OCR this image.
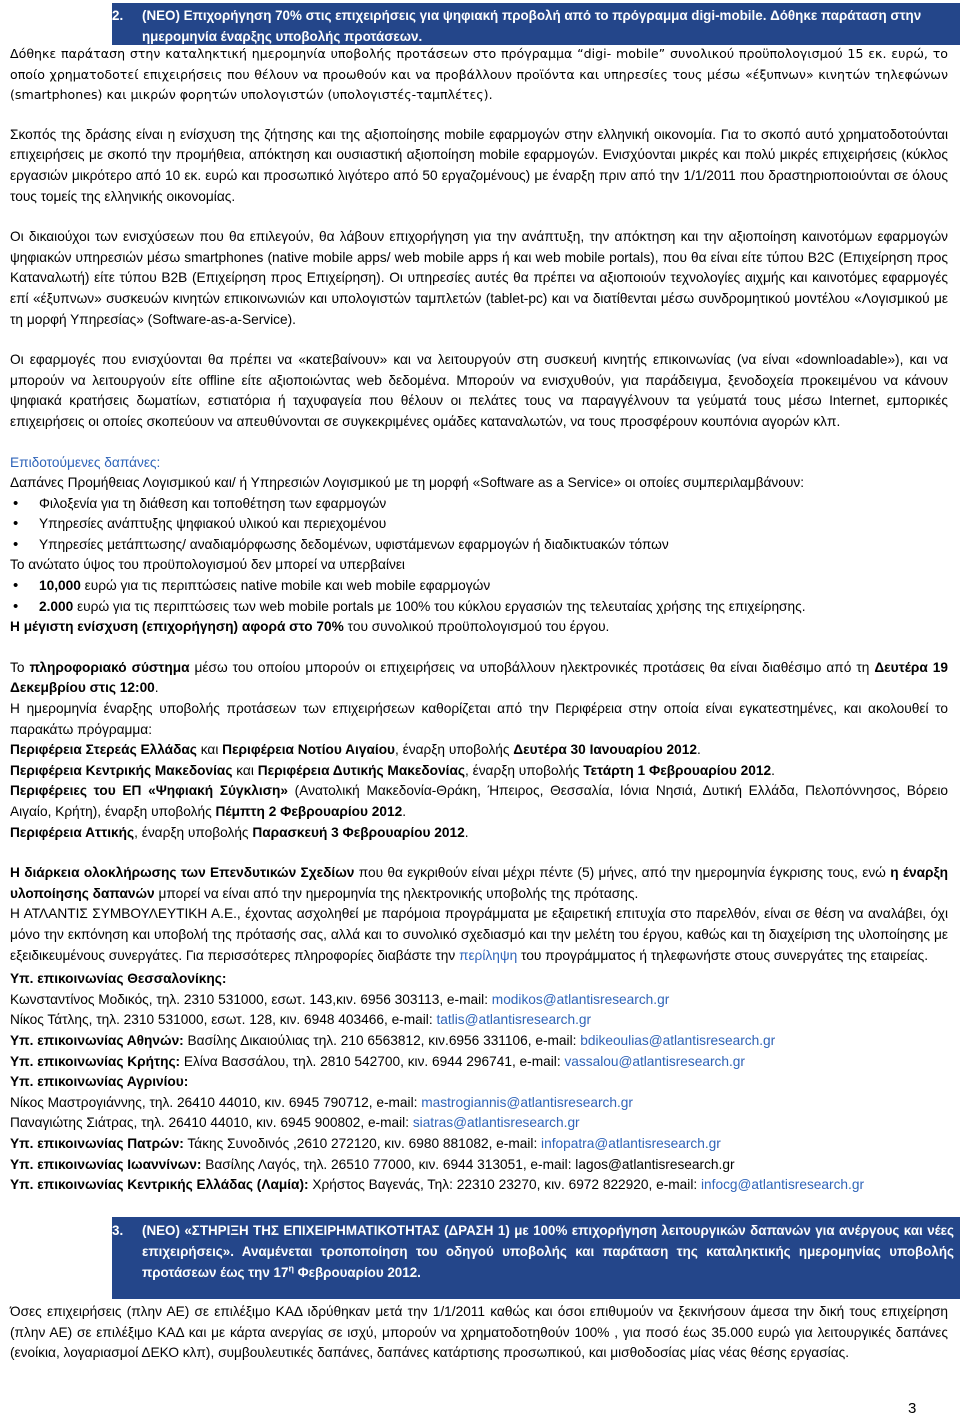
2. (ΝΕΟ) Επιχορήγηση 70% στις επιχειρήσεις για ψηφιακή προβολή από το πρόγραμμα digi-mobile. Δόθηκε παράταση στην ημερομηνία έναρξης υποβολής προτάσεων.

Δόθηκε παράταση στην καταληκτική ημερομηνία υποβολής προτάσεων στο πρόγραμμα “digi- mobile” συνολικού προϋπολογισμού 15 εκ. ευρώ, το οποίο χρηματοδοτεί επιχειρήσεις που θέλουν να προωθούν και να προβάλλουν προϊόντα και υπηρεσίες τους μέσω «έξυπνων» κινητών τηλεφώνων (smartphones) και μικρών φορητών υπολογιστών (υπολογιστές-ταμπλέτες).

Σκοπός της δράσης είναι η ενίσχυση της ζήτησης και της αξιοποίησης mobile εφαρμογών στην ελληνική οικονομία. Για το σκοπό αυτό χρηματοδοτούνται επιχειρήσεις με σκοπό την προμήθεια, απόκτηση και ουσιαστική αξιοποίηση mobile εφαρμογών. Ενισχύονται μικρές και πολύ μικρές επιχειρήσεις (κύκλος εργασιών μικρότερο από 10 εκ. ευρώ και προσωπικό λιγότερο από 50 εργαζομένους) με έναρξη πριν από την 1/1/2011 που δραστηριοποιούνται σε όλους τους τομείς της ελληνικής οικονομίας.

Οι δικαιούχοι των ενισχύσεων που θα επιλεγούν, θα λάβουν επιχορήγηση για την ανάπτυξη, την απόκτηση και την αξιοποίηση καινοτόμων εφαρμογών ψηφιακών υπηρεσιών μέσω smartphones (native mobile apps/ web mobile apps ή και web mobile portals), που θα είναι είτε τύπου B2C (Επιχείρηση προς Καταναλωτή) είτε τύπου B2B (Επιχείρηση προς Επιχείρηση). Οι υπηρεσίες αυτές θα πρέπει να αξιοποιούν τεχνολογίες αιχμής και καινοτόμες εφαρμογές επί «έξυπνων» συσκευών κινητών επικοινωνιών και υπολογιστών ταμπλετών (tablet-pc) και να διατίθενται μέσω συνδρομητικού μοντέλου «Λογισμικού με τη μορφή Υπηρεσίας» (Software-as-a-Service).

Οι εφαρμογές που ενισχύονται θα πρέπει να «κατεβαίνουν» και να λειτουργούν στη συσκευή κινητής επικοινωνίας (να είναι «downloadable»), και να μπορούν να λειτουργούν είτε offline είτε αξιοποιώντας web δεδομένα. Μπορούν να ενισχυθούν, για παράδειγμα, ξενοδοχεία προκειμένου να κάνουν ψηφιακά κρατήσεις δωματίων, εστιατόρια ή ταχυφαγεία που θέλουν οι πελάτες τους να παραγγέλνουν τα γεύματά τους μέσω Internet, εμπορικές επιχειρήσεις οι οποίες σκοπεύουν να απευθύνονται σε συγκεκριμένες ομάδες καταναλωτών, να τους προσφέρουν κουπόνια αγορών κλπ.

Επιδοτούμενες δαπάνες:

Δαπάνες Προμήθειας Λογισμικού και/ ή Υπηρεσιών Λογισμικού με τη μορφή «Software as a Service» οι οποίες συμπεριλαμβάνουν:

• Φιλοξενία για τη διάθεση και τοποθέτηση των εφαρμογών
• Υπηρεσίες ανάπτυξης ψηφιακού υλικού και περιεχομένου
• Υπηρεσίες μετάπτωσης/ αναδιαμόρφωσης δεδομένων, υφιστάμενων εφαρμογών ή διαδικτυακών τόπων

Το ανώτατο ύψος του προϋπολογισμού δεν μπορεί να υπερβαίνει

• 10,000 ευρώ για τις περιπτώσεις native mobile και web mobile εφαρμογών
• 2.000 ευρώ για τις περιπτώσεις των web mobile portals με 100% του κύκλου εργασιών της τελευταίας χρήσης της επιχείρησης.

Η μέγιστη ενίσχυση (επιχορήγηση) αφορά στο 70% του συνολικού προϋπολογισμού του έργου.

Το πληροφοριακό σύστημα μέσω του οποίου μπορούν οι επιχειρήσεις να υποβάλλουν ηλεκτρονικές προτάσεις θα είναι διαθέσιμο από τη Δευτέρα 19 Δεκεμβρίου στις 12:00.

Η ημερομηνία έναρξης υποβολής προτάσεων των επιχειρήσεων καθορίζεται από την Περιφέρεια στην οποία είναι εγκατεστημένες, και ακολουθεί το παρακάτω πρόγραμμα:

Περιφέρεια Στερεάς Ελλάδας και Περιφέρεια Νοτίου Αιγαίου, έναρξη υποβολής Δευτέρα 30 Ιανουαρίου 2012.

Περιφέρεια Κεντρικής Μακεδονίας και Περιφέρεια Δυτικής Μακεδονίας, έναρξη υποβολής Τετάρτη 1 Φεβρουαρίου 2012.

Περιφέρειες του ΕΠ «Ψηφιακή Σύγκλιση» (Ανατολική Μακεδονία-Θράκη, Ήπειρος, Θεσσαλία, Ιόνια Νησιά, Δυτική Ελλάδα, Πελοπόννησος, Βόρειο Αιγαίο, Κρήτη), έναρξη υποβολής Πέμπτη 2 Φεβρουαρίου 2012.

Περιφέρεια Αττικής, έναρξη υποβολής Παρασκευή 3 Φεβρουαρίου 2012.

Η διάρκεια ολοκλήρωσης των Επενδυτικών Σχεδίων που θα εγκριθούν είναι μέχρι πέντε (5) μήνες, από την ημερομηνία έγκρισης τους, ενώ η έναρξη υλοποίησης δαπανών μπορεί να είναι από την ημερομηνία της ηλεκτρονικής υποβολής της πρότασης.

Η ΑΤΛΑΝΤΙΣ ΣΥΜΒΟΥΛΕΥΤΙΚΗ Α.Ε., έχοντας ασχοληθεί με παρόμοια προγράμματα με εξαιρετική επιτυχία στο παρελθόν, είναι σε θέση να αναλάβει, όχι μόνο την εκπόνηση και υποβολή της πρότασής σας, αλλά και το συνολικό σχεδιασμό και την μελέτη του έργου, καθώς και τη διαχείριση της υλοποίησης με εξειδικευμένους συνεργάτες. Για περισσότερες πληροφορίες διαβάστε την περίληψη του προγράμματος ή τηλεφωνήστε στους συνεργάτες της εταιρείας.

Υπ. επικοινωνίας Θεσσαλονίκης:

Κωνσταντίνος Μοδικός, τηλ. 2310 531000, εσωτ. 143,κιν. 6956 303113, e-mail: modikos@atlantisresearch.gr

Νίκος Τάτλης, τηλ. 2310 531000, εσωτ. 128, κιν. 6948 403466, e-mail: tatlis@atlantisresearch.gr

Υπ. επικοινωνίας Αθηνών: Βασίλης Δικαιούλιας τηλ. 210 6563812, κιν.6956 331106, e-mail: bdikeoulias@atlantisresearch.gr

Υπ. επικοινωνίας Κρήτης: Ελίνα Βασσάλου, τηλ. 2810 542700, κιν. 6944 296741, e-mail: vassalou@atlantisresearch.gr

Υπ. επικοινωνίας Αγρινίου:

Νίκος Μαστρογιάννης, τηλ. 26410 44010, κιν. 6945 790712, e-mail: mastrogiannis@atlantisresearch.gr

Παναγιώτης Σιάτρας, τηλ. 26410 44010, κιν. 6945 900802, e-mail: siatras@atlantisresearch.gr

Υπ. επικοινωνίας Πατρών: Τάκης Συνοδινός ,2610 272120, κιν. 6980 881082, e-mail: infopatra@atlantisresearch.gr

Υπ. επικοινωνίας Ιωαννίνων: Βασίλης Λαγός, τηλ. 26510 77000, κιν. 6944 313051, e-mail: lagos@atlantisresearch.gr

Υπ. επικοινωνίας Κεντρικής Ελλάδας (Λαμία): Χρήστος Βαγενάς, Τηλ: 22310 23270, κιν. 6972 822920, e-mail: infocg@atlantisresearch.gr

3. (ΝΕΟ) «ΣΤΗΡΙΞΗ ΤΗΣ ΕΠΙΧΕΙΡΗΜΑΤΙΚΟΤΗΤΑΣ (ΔΡΑΣΗ 1) με 100% επιχορήγηση λειτουργικών δαπανών για ανέργους και νέες επιχειρήσεις». Αναμένεται τροποποίηση του οδηγού υποβολής και παράταση της καταληκτικής ημερομηνίας υποβολής προτάσεων έως την $17^\eta$ Φεβρουαρίου 2012.

Όσες επιχειρήσεις (πλην ΑΕ) σε επιλέξιμο ΚΑΔ ιδρύθηκαν μετά την 1/1/2011 καθώς και όσοι επιθυμούν να ξεκινήσουν άμεσα την δική τους επιχείρηση (πλην ΑΕ) σε επιλέξιμο ΚΑΔ και με κάρτα ανεργίας σε ισχύ, μπορούν να χρηματοδοτηθούν 100% , για ποσό έως 35.000 ευρώ για λειτουργικές δαπάνες (ενοίκια, λογαριασμοί ΔΕΚΟ κλπ), συμβουλευτικές δαπάνες, δαπάνες κατάρτισης προσωπικού, και μισθοδοσίας μίας νέας θέσης εργασίας.

3
